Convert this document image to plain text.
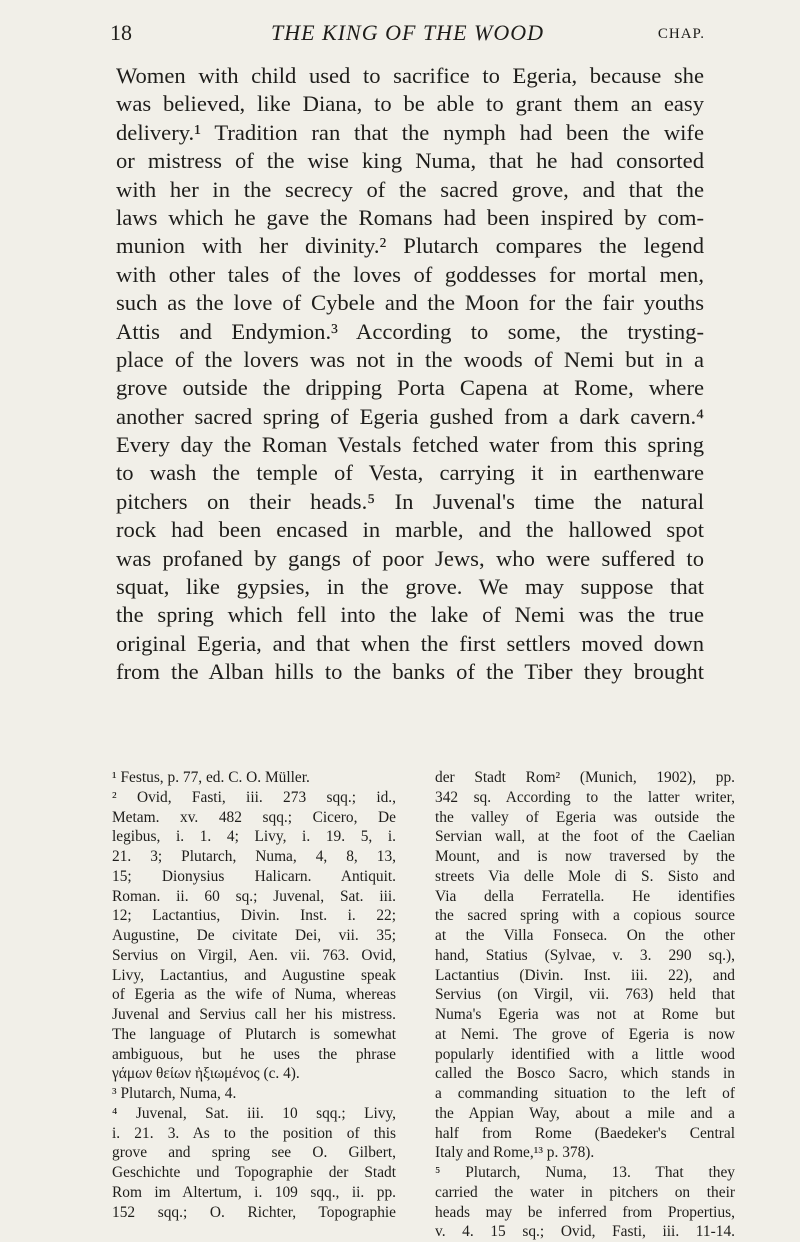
18	THE KING OF THE WOOD	CHAP.
Women with child used to sacrifice to Egeria, because she
was believed, like Diana, to be able to grant them an easy
delivery.¹ Tradition ran that the nymph had been the wife
or mistress of the wise king Numa, that he had consorted
with her in the secrecy of the sacred grove, and that the
laws which he gave the Romans had been inspired by com-
munion with her divinity.² Plutarch compares the legend
with other tales of the loves of goddesses for mortal men,
such as the love of Cybele and the Moon for the fair youths
Attis and Endymion.³ According to some, the trysting-
place of the lovers was not in the woods of Nemi but in a
grove outside the dripping Porta Capena at Rome, where
another sacred spring of Egeria gushed from a dark cavern.⁴
Every day the Roman Vestals fetched water from this spring
to wash the temple of Vesta, carrying it in earthenware
pitchers on their heads.⁵ In Juvenal's time the natural
rock had been encased in marble, and the hallowed spot
was profaned by gangs of poor Jews, who were suffered to
squat, like gypsies, in the grove. We may suppose that
the spring which fell into the lake of Nemi was the true
original Egeria, and that when the first settlers moved down
from the Alban hills to the banks of the Tiber they brought
¹ Festus, p. 77, ed. C. O. Müller.
² Ovid, Fasti, iii. 273 sqq.; id.,
Metam. xv. 482 sqq.; Cicero, De
legibus, i. 1. 4; Livy, i. 19. 5, i.
21. 3; Plutarch, Numa, 4, 8, 13,
15; Dionysius Halicarn. Antiquit.
Roman. ii. 60 sq.; Juvenal, Sat. iii.
12; Lactantius, Divin. Inst. i. 22;
Augustine, De civitate Dei, vii. 35;
Servius on Virgil, Aen. vii. 763. Ovid,
Livy, Lactantius, and Augustine speak
of Egeria as the wife of Numa, whereas
Juvenal and Servius call her his mistress.
The language of Plutarch is somewhat
ambiguous, but he uses the phrase
γάμων θείων ἠξιωμένος (c. 4).
³ Plutarch, Numa, 4.
⁴ Juvenal, Sat. iii. 10 sqq.; Livy,
i. 21. 3. As to the position of this
grove and spring see O. Gilbert,
Geschichte und Topographie der Stadt
Rom im Altertum, i. 109 sqq., ii. pp.
152 sqq.; O. Richter, Topographie
der Stadt Rom² (Munich, 1902), pp.
342 sq. According to the latter writer,
the valley of Egeria was outside the
Servian wall, at the foot of the Caelian
Mount, and is now traversed by the
streets Via delle Mole di S. Sisto and
Via della Ferratella. He identifies
the sacred spring with a copious source
at the Villa Fonseca. On the other
hand, Statius (Sylvae, v. 3. 290 sq.),
Lactantius (Divin. Inst. iii. 22), and
Servius (on Virgil, vii. 763) held that
Numa's Egeria was not at Rome but
at Nemi. The grove of Egeria is now
popularly identified with a little wood
called the Bosco Sacro, which stands in
a commanding situation to the left of
the Appian Way, about a mile and a
half from Rome (Baedeker's Central
Italy and Rome,¹³ p. 378).
⁵ Plutarch, Numa, 13. That they
carried the water in pitchers on their
heads may be inferred from Propertius,
v. 4. 15 sq.; Ovid, Fasti, iii. 11-14.
